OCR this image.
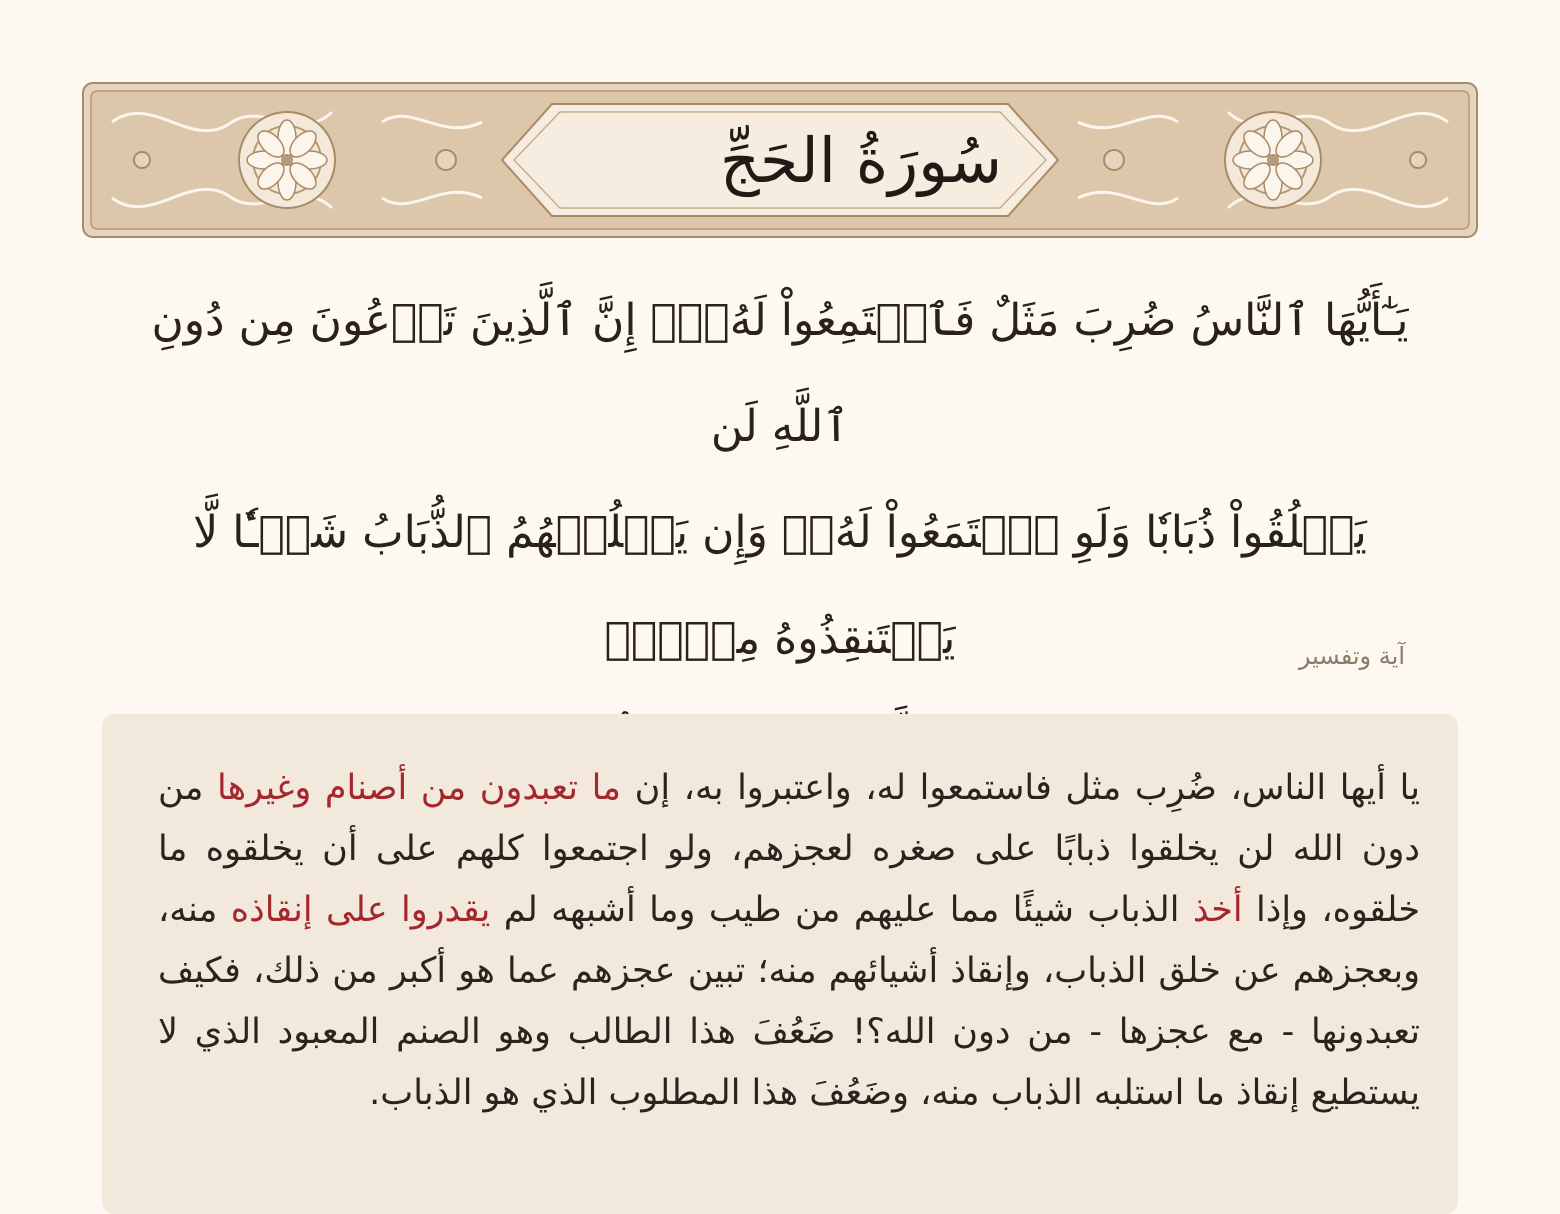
سُورَةُ الحَجِّ
يَـٰٓأَيُّهَا ٱلنَّاسُ ضُرِبَ مَثَلٌ فَٱسۡتَمِعُواْ لَهُۥٓۚ إِنَّ ٱلَّذِينَ تَدۡعُونَ مِن دُونِ ٱللَّهِ لَن
يَخۡلُقُواْ ذُبَابٗا وَلَوِ ٱجۡتَمَعُواْ لَهُۥۖ وَإِن يَسۡلُبۡهُمُ ٱلذُّبَابُ شَيۡـٔٗا لَّا يَسۡتَنقِذُوهُ مِنۡهُۚ	آية وتفسير
يا أيها الناس، ضُرِب مثل فاستمعوا له، واعتبروا به، إن ما تعبدون من أصنام وغيرها من دون الله لن يخلقوا ذبابًا على صغره لعجزهم، ولو اجتمعوا كلهم على أن يخلقوه ما خلقوه، وإذا أخذ الذباب شيئًا مما عليهم من طيب وما أشبهه لم يقدروا على إنقاذه منه، وبعجزهم عن خلق الذباب، وإنقاذ أشيائهم منه؛ تبين عجزهم عما هو أكبر من ذلك، فكيف تعبدونها - مع عجزها - من دون الله؟! ضَعُفَ هذا الطالب وهو الصنم المعبود الذي لا يستطيع إنقاذ ما استلبه الذباب منه، وضَعُفَ هذا المطلوب الذي هو الذباب.
